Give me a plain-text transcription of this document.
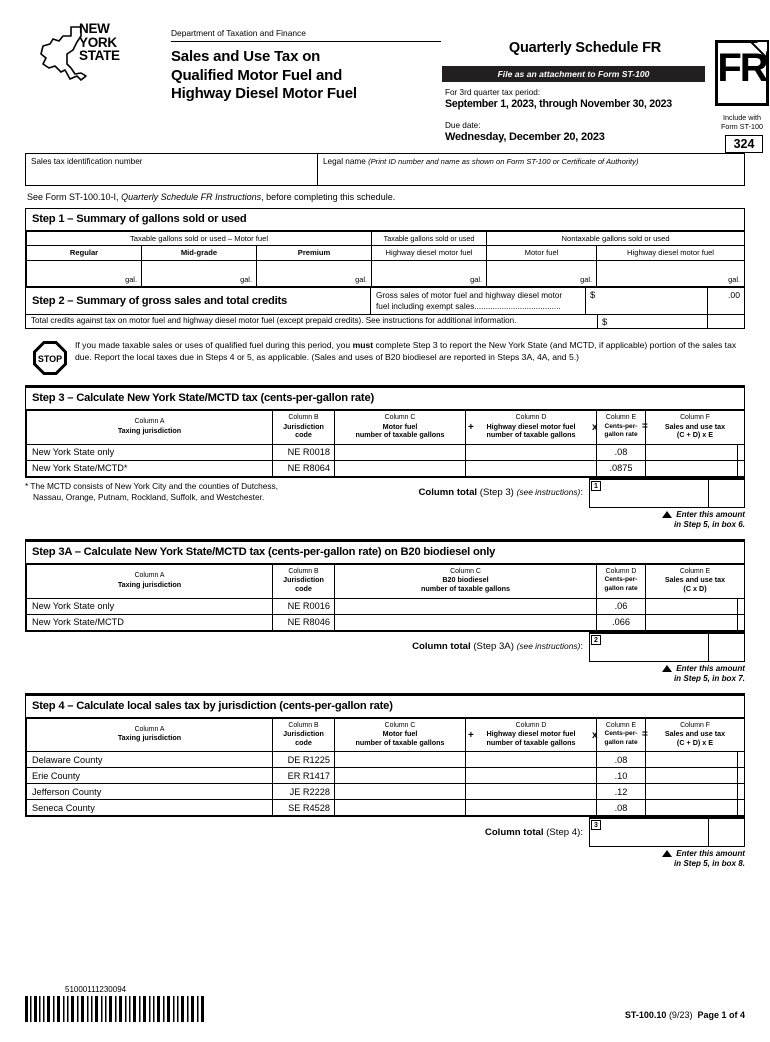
NEW
YORK
STATE
Department of Taxation and Finance
Sales and Use Tax on
Qualified Motor Fuel and
Highway Diesel Motor Fuel
Quarterly Schedule FR
File as an attachment to Form ST-100
For 3rd quarter tax period:
September 1, 2023, through November 30, 2023
Due date:
Wednesday, December 20, 2023
FR
Include with
Form ST-100
324
Sales tax identification number	Legal name (Print ID number and name as shown on Form ST-100 or Certificate of Authority)
See Form ST-100.10-I, Quarterly Schedule FR Instructions, before completing this schedule.
Step 1 – Summary of gallons sold or used
Taxable gallons sold or used – Motor fuel			Taxable gallons sold or used	Nontaxable gallons sold or used	
Regular	Mid-grade	Premium	Highway diesel motor fuel	Motor fuel	Highway diesel motor fuel
gal.	gal.	gal.	gal.	gal.	gal.
Step 2 – Summary of gross sales and total credits	Gross sales of motor fuel and highway diesel motor
fuel including exempt sales......................................
$	.00
Total credits against tax on motor fuel and highway diesel motor fuel (except prepaid credits). See instructions for additional information.	$
STOP
If you made taxable sales or uses of qualified fuel during this period, you must complete Step 3 to report the New York State (and MCTD, if applicable) portion of the sales tax due. Report the local taxes due in Steps 4 or 5, as applicable. (Sales and uses of B20 biodiesel are reported in Steps 3A, 4A, and 5.)
Step 3 – Calculate New York State/MCTD tax (cents-per-gallon rate)
Column A
Taxing jurisdiction

Column B
Jurisdiction
code

Column C
Motor fuel
number of taxable gallons

+
Column D
Highway diesel motor fuel
number of taxable gallons

x
Column E
Cents-per-
gallon rate

=
Column F
Sales and use tax
(C + D) x E

New York State only	NE R0018			.08		
New York State/MCTD*	NE R8064			.0875		
* The MCTD consists of New York City and the counties of Dutchess,
Nassau, Orange, Putnam, Rockland, Suffolk, and Westchester.	Column total (Step 3) (see instructions):
1
Enter this amount
in Step 5, in box 6.
Step 3A – Calculate New York State/MCTD tax (cents-per-gallon rate) on B20 biodiesel only
Column A
Taxing jurisdiction

Column B
Jurisdiction
code

Column C
B20 biodiesel
number of taxable gallons

Column D
Cents-per-
gallon rate

Column E
Sales and use tax
(C x D)

New York State only	NE R0016		.06		
New York State/MCTD	NE R8046		.066		
Column total (Step 3A) (see instructions):
2
Enter this amount
in Step 5, in box 7.
Step 4 – Calculate local sales tax by jurisdiction (cents-per-gallon rate)
Column A
Taxing jurisdiction

Column B
Jurisdiction
code

Column C
Motor fuel
number of taxable gallons

+
Column D
Highway diesel motor fuel
number of taxable gallons

x
Column E
Cents-per-
gallon rate

=
Column F
Sales and use tax
(C + D) x E

Delaware County	DE R1225			.08		
Erie County	ER R1417			.10		
Jefferson County	JE R2228			.12		
Seneca County	SE R4528			.08		
Column total (Step 4):
3
Enter this amount
in Step 5, in box 8.
51000111230094
ST-100.10 (9/23) Page 1 of 4
